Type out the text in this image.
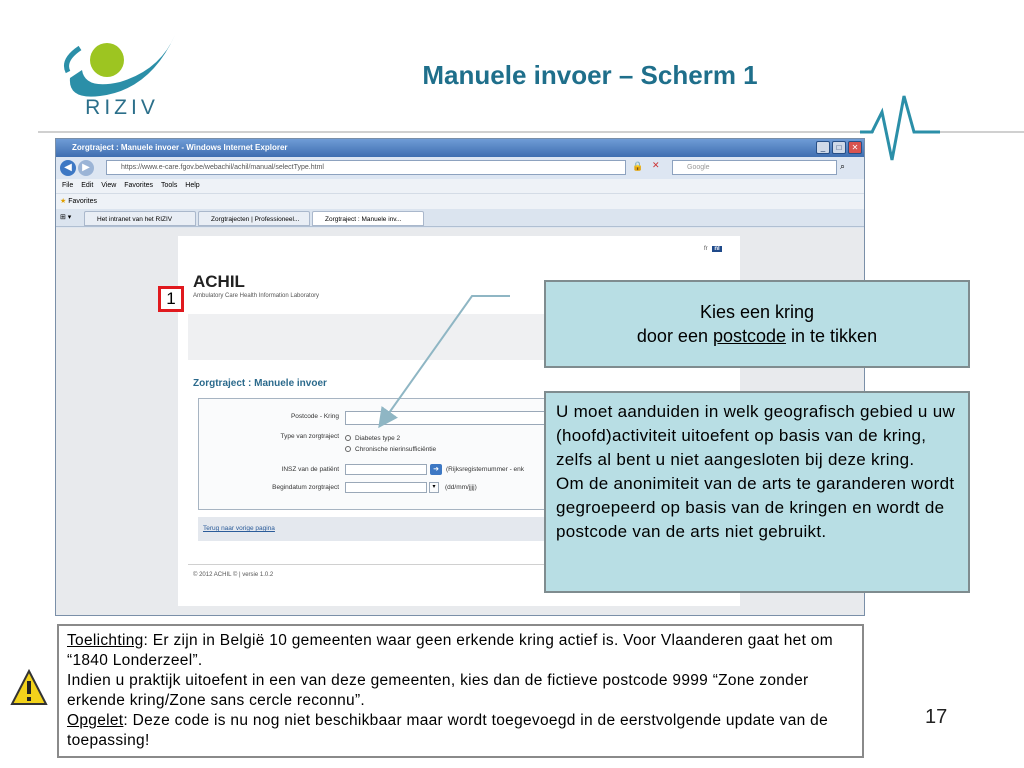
RIZIV
Manuele invoer – Scherm 1
Zorgtraject : Manuele invoer - Windows Internet Explorer	_	□	✕
◀	▶	https://www.e-care.fgov.be/webachil/achil/manual/selectType.html	🔒 ✕	Google	⌕
File Edit View Favorites Tools Help
★ Favorites
⊞ ▾	Het intranet van het RIZIV	Zorgtrajecten | Professioneel...	Zorgtraject : Manuele inv...

fr nl
ACHIL
Ambulatory Care Health Information Laboratory
Zorgtraject : Manuele invoer
Postcode - Kring
Type van zorgtraject	Diabetes type 2
Chronische nierinsufficiëntie
INSZ van de patiënt	➜	(Rijksregisternummer - enk
Begindatum zorgtraject	▾	(dd/mm/jjjj)
Terug naar vorige pagina
© 2012 ACHIL © | versie 1.0.2
1
Kies een kring
door een postcode in te tikken
U moet aanduiden in welk geografisch gebied u uw (hoofd)activiteit uitoefent op basis van de kring, zelfs al bent u niet aangesloten bij deze kring.
Om de anonimiteit van de arts te garanderen wordt gegroepeerd op basis van de kringen en wordt de postcode van de arts niet gebruikt.
Toelichting: Er zijn in België 10 gemeenten waar geen erkende kring actief is. Voor Vlaanderen gaat het om “1840 Londerzeel”.
Indien u praktijk uitoefent in een van deze gemeenten, kies dan de fictieve postcode 9999 “Zone zonder erkende kring/Zone sans cercle reconnu”.
Opgelet: Deze code is nu nog niet beschikbaar maar wordt toegevoegd in de eerstvolgende update van de toepassing!
17
